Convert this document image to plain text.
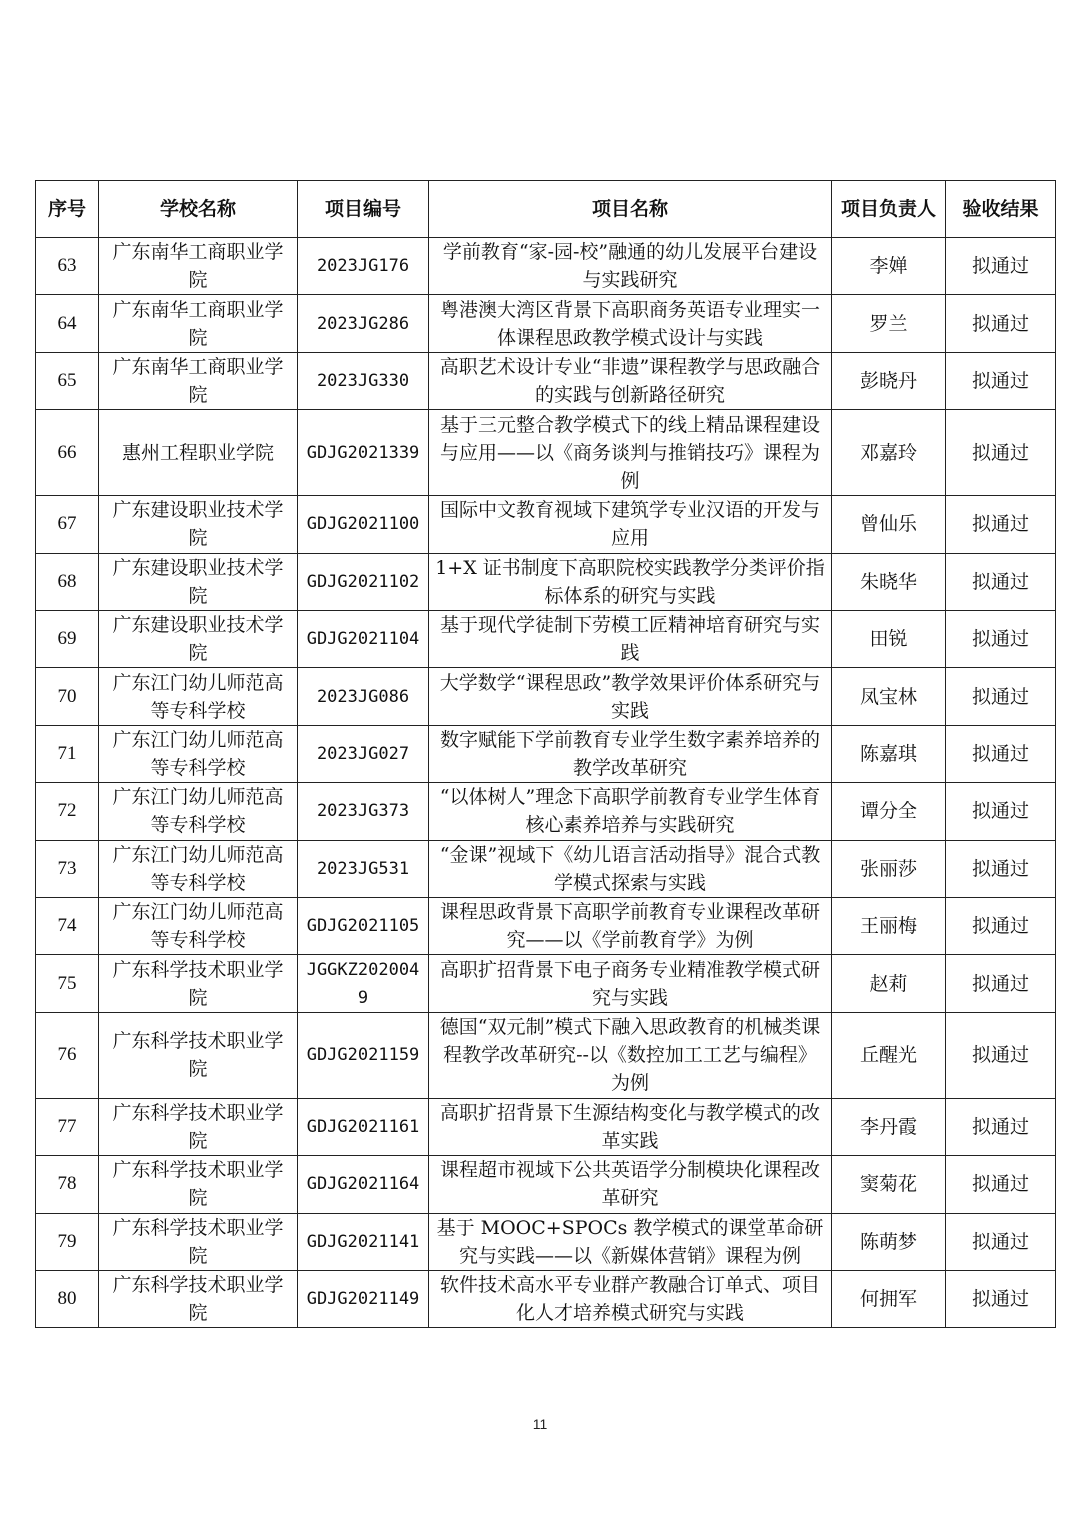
序号	学校名称	项目编号	项目名称	项目负责人	验收结果
63	广东南华工商职业学院	2023JG176	学前教育“家-园-校”融通的幼儿发展平台建设与实践研究	李婵	拟通过
64	广东南华工商职业学院	2023JG286	粤港澳大湾区背景下高职商务英语专业理实一体课程思政教学模式设计与实践	罗兰	拟通过
65	广东南华工商职业学院	2023JG330	高职艺术设计专业“非遗”课程教学与思政融合的实践与创新路径研究	彭晓丹	拟通过
66	惠州工程职业学院	GDJG2021339	基于三元整合教学模式下的线上精品课程建设与应用——以《商务谈判与推销技巧》课程为例	邓嘉玲	拟通过
67	广东建设职业技术学院	GDJG2021100	国际中文教育视域下建筑学专业汉语的开发与应用	曾仙乐	拟通过
68	广东建设职业技术学院	GDJG2021102	1+X 证书制度下高职院校实践教学分类评价指标体系的研究与实践	朱晓华	拟通过
69	广东建设职业技术学院	GDJG2021104	基于现代学徒制下劳模工匠精神培育研究与实践	田锐	拟通过
70	广东江门幼儿师范高等专科学校	2023JG086	大学数学“课程思政”教学效果评价体系研究与实践	凤宝林	拟通过
71	广东江门幼儿师范高等专科学校	2023JG027	数字赋能下学前教育专业学生数字素养培养的教学改革研究	陈嘉琪	拟通过
72	广东江门幼儿师范高等专科学校	2023JG373	“以体树人”理念下高职学前教育专业学生体育核心素养培养与实践研究	谭分全	拟通过
73	广东江门幼儿师范高等专科学校	2023JG531	“金课”视域下《幼儿语言活动指导》混合式教学模式探索与实践	张丽莎	拟通过
74	广东江门幼儿师范高等专科学校	GDJG2021105	课程思政背景下高职学前教育专业课程改革研究——以《学前教育学》为例	王丽梅	拟通过
75	广东科学技术职业学院	JGGKZ2020049	高职扩招背景下电子商务专业精准教学模式研究与实践	赵莉	拟通过
76	广东科学技术职业学院	GDJG2021159	德国“双元制”模式下融入思政教育的机械类课程教学改革研究--以《数控加工工艺与编程》为例	丘醒光	拟通过
77	广东科学技术职业学院	GDJG2021161	高职扩招背景下生源结构变化与教学模式的改革实践	李丹霞	拟通过
78	广东科学技术职业学院	GDJG2021164	课程超市视域下公共英语学分制模块化课程改革研究	窦菊花	拟通过
79	广东科学技术职业学院	GDJG2021141	基于 MOOC+SPOCs 教学模式的课堂革命研究与实践——以《新媒体营销》课程为例	陈萌梦	拟通过
80	广东科学技术职业学院	GDJG2021149	软件技术高水平专业群产教融合订单式、项目化人才培养模式研究与实践	何拥军	拟通过
11
